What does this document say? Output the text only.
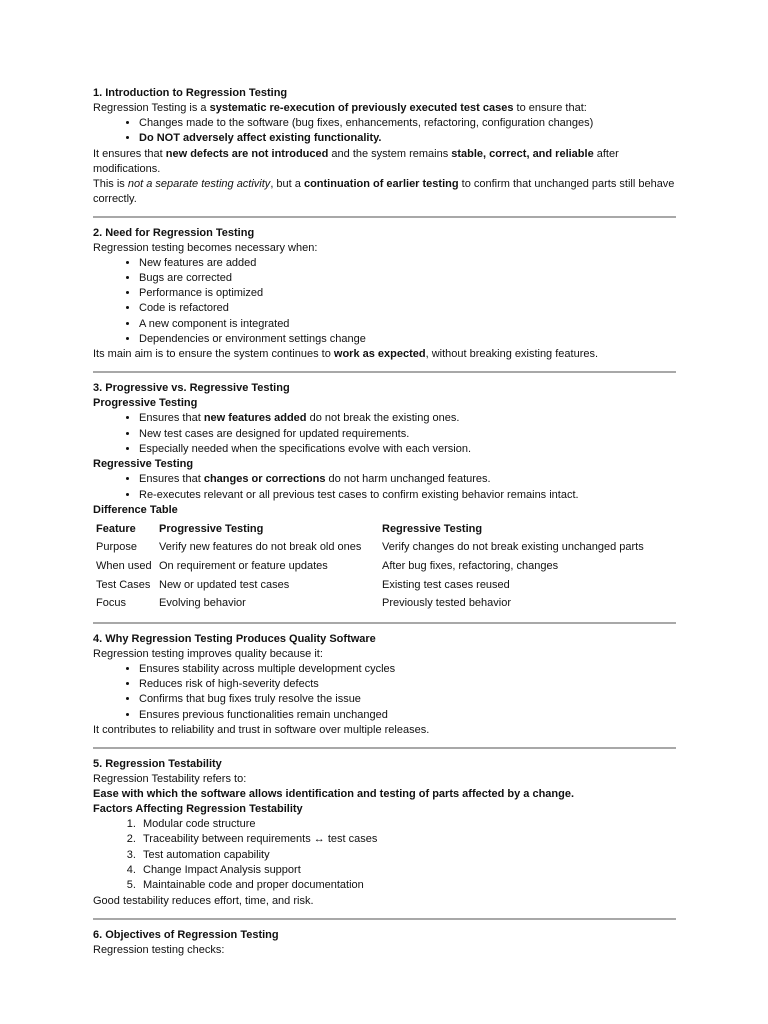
1. Introduction to Regression Testing
Regression Testing is a systematic re-execution of previously executed test cases to ensure that:
• Changes made to the software (bug fixes, enhancements, refactoring, configuration changes)
• Do NOT adversely affect existing functionality.
It ensures that new defects are not introduced and the system remains stable, correct, and reliable after modifications.
This is not a separate testing activity, but a continuation of earlier testing to confirm that unchanged parts still behave correctly.
2. Need for Regression Testing
Regression testing becomes necessary when:
• New features are added
• Bugs are corrected
• Performance is optimized
• Code is refactored
• A new component is integrated
• Dependencies or environment settings change
Its main aim is to ensure the system continues to work as expected, without breaking existing features.
3. Progressive vs. Regressive Testing
Progressive Testing
• Ensures that new features added do not break the existing ones.
• New test cases are designed for updated requirements.
• Especially needed when the specifications evolve with each version.
Regressive Testing
• Ensures that changes or corrections do not harm unchanged features.
• Re-executes relevant or all previous test cases to confirm existing behavior remains intact.
Difference Table
Feature	Progressive Testing	Regressive Testing
Purpose	Verify new features do not break old ones	Verify changes do not break existing unchanged parts
When used	On requirement or feature updates	After bug fixes, refactoring, changes
Test Cases	New or updated test cases	Existing test cases reused
Focus	Evolving behavior	Previously tested behavior
4. Why Regression Testing Produces Quality Software
Regression testing improves quality because it:
• Ensures stability across multiple development cycles
• Reduces risk of high-severity defects
• Confirms that bug fixes truly resolve the issue
• Ensures previous functionalities remain unchanged
It contributes to reliability and trust in software over multiple releases.
5. Regression Testability
Regression Testability refers to:
Ease with which the software allows identification and testing of parts affected by a change.
Factors Affecting Regression Testability
1. Modular code structure
2. Traceability between requirements ↔ test cases
3. Test automation capability
4. Change Impact Analysis support
5. Maintainable code and proper documentation
Good testability reduces effort, time, and risk.
6. Objectives of Regression Testing
Regression testing checks:
